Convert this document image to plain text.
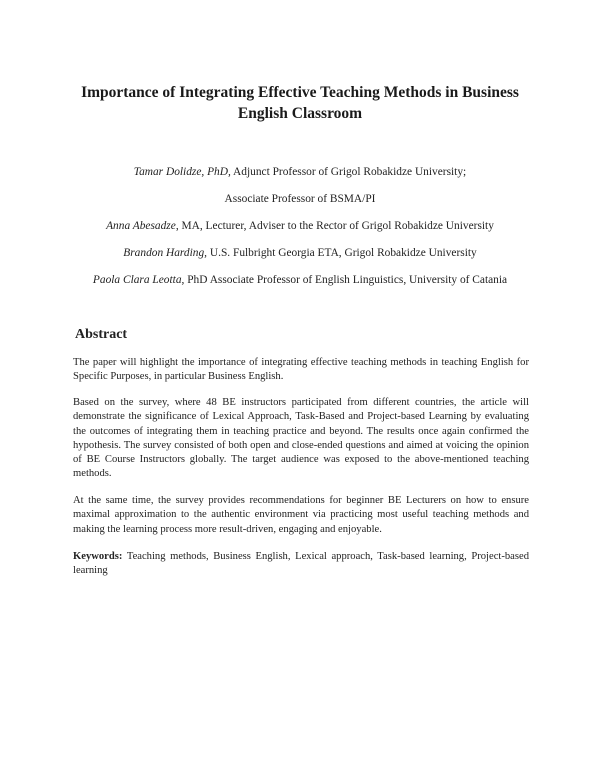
Importance of Integrating Effective Teaching Methods in Business English Classroom
Tamar Dolidze, PhD, Adjunct Professor of Grigol Robakidze University;
Associate Professor of BSMA/PI
Anna Abesadze, MA, Lecturer, Adviser to the Rector of Grigol Robakidze University
Brandon Harding, U.S. Fulbright Georgia ETA, Grigol Robakidze University
Paola Clara Leotta, PhD Associate Professor of English Linguistics, University of Catania
Abstract
The paper will highlight the importance of integrating effective teaching methods in teaching English for Specific Purposes, in particular Business English.
Based on the survey, where 48 BE instructors participated from different countries, the article will demonstrate the significance of Lexical Approach, Task-Based and Project-based Learning by evaluating the outcomes of integrating them in teaching practice and beyond. The results once again confirmed the hypothesis. The survey consisted of both open and close-ended questions and aimed at voicing the opinion of BE Course Instructors globally. The target audience was exposed to the above-mentioned teaching methods.
At the same time, the survey provides recommendations for beginner BE Lecturers on how to ensure maximal approximation to the authentic environment via practicing most useful teaching methods and making the learning process more result-driven, engaging and enjoyable.
Keywords: Teaching methods, Business English, Lexical approach, Task-based learning, Project-based learning
